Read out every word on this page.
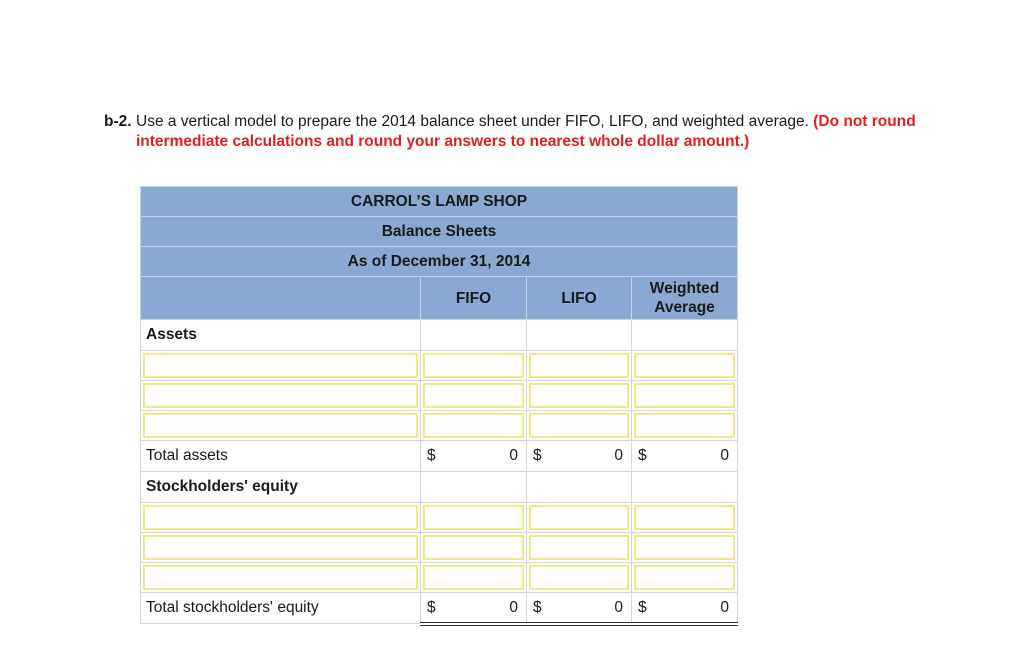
b-2. Use a vertical model to prepare the 2014 balance sheet under FIFO, LIFO, and weighted average. (Do not round intermediate calculations and round your answers to nearest whole dollar amount.)
CARROL’S LAMP SHOP			
Balance Sheets			
As of December 31, 2014			
	FIFO	LIFO	Weighted
Average
Assets			

Total assets	$ 0	$ 0	$ 0

Stockholders' equity			

Total stockholders' equity	$ 0	$ 0	$ 0
